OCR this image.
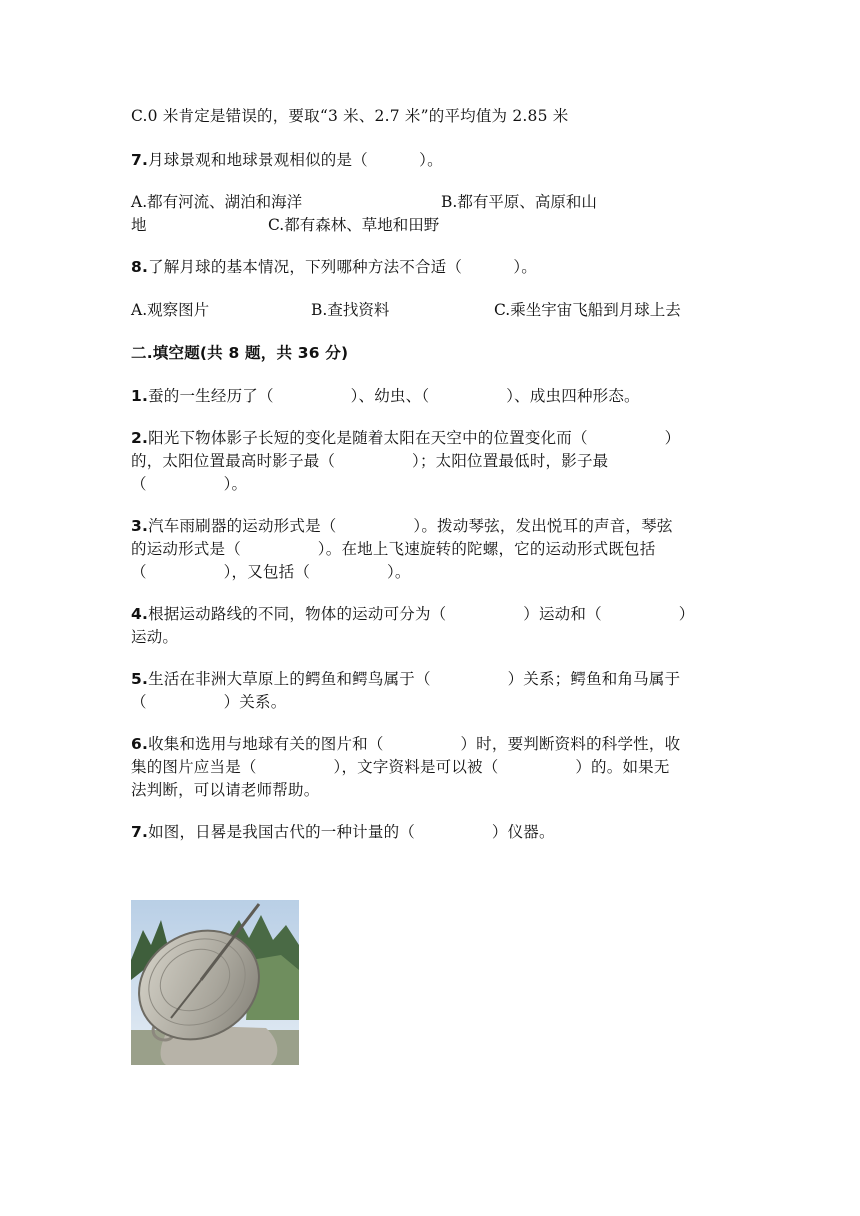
C.0 米肯定是错误的，要取“3 米、2.7 米”的平均值为 2.85 米
7.月球景观和地球景观相似的是（          ）。
A.都有河流、湖泊和海洋	B.都有平原、高原和山
地	C.都有森林、草地和田野
8.了解月球的基本情况，下列哪种方法不合适（          ）。
A.观察图片	B.查找资料	C.乘坐宇宙飞船到月球上去
二.填空题(共 8 题，共 36 分)
1.蚕的一生经历了（               ）、幼虫、（               ）、成虫四种形态。
2.阳光下物体影子长短的变化是随着太阳在天空中的位置变化而（               ）
的，太阳位置最高时影子最（               ）；太阳位置最低时，影子最
（               ）。
3.汽车雨刷器的运动形式是（               ）。拨动琴弦，发出悦耳的声音，琴弦
的运动形式是（               ）。在地上飞速旋转的陀螺，它的运动形式既包括
（               ），又包括（               ）。
4.根据运动路线的不同，物体的运动可分为（               ）运动和（               ）
运动。
5.生活在非洲大草原上的鳄鱼和鳄鸟属于（               ）关系；鳄鱼和角马属于
（               ）关系。
6.收集和选用与地球有关的图片和（               ）时，要判断资料的科学性，收
集的图片应当是（               ），文字资料是可以被（               ）的。如果无
法判断，可以请老师帮助。
7.如图，日晷是我国古代的一种计量的（               ）仪器。
